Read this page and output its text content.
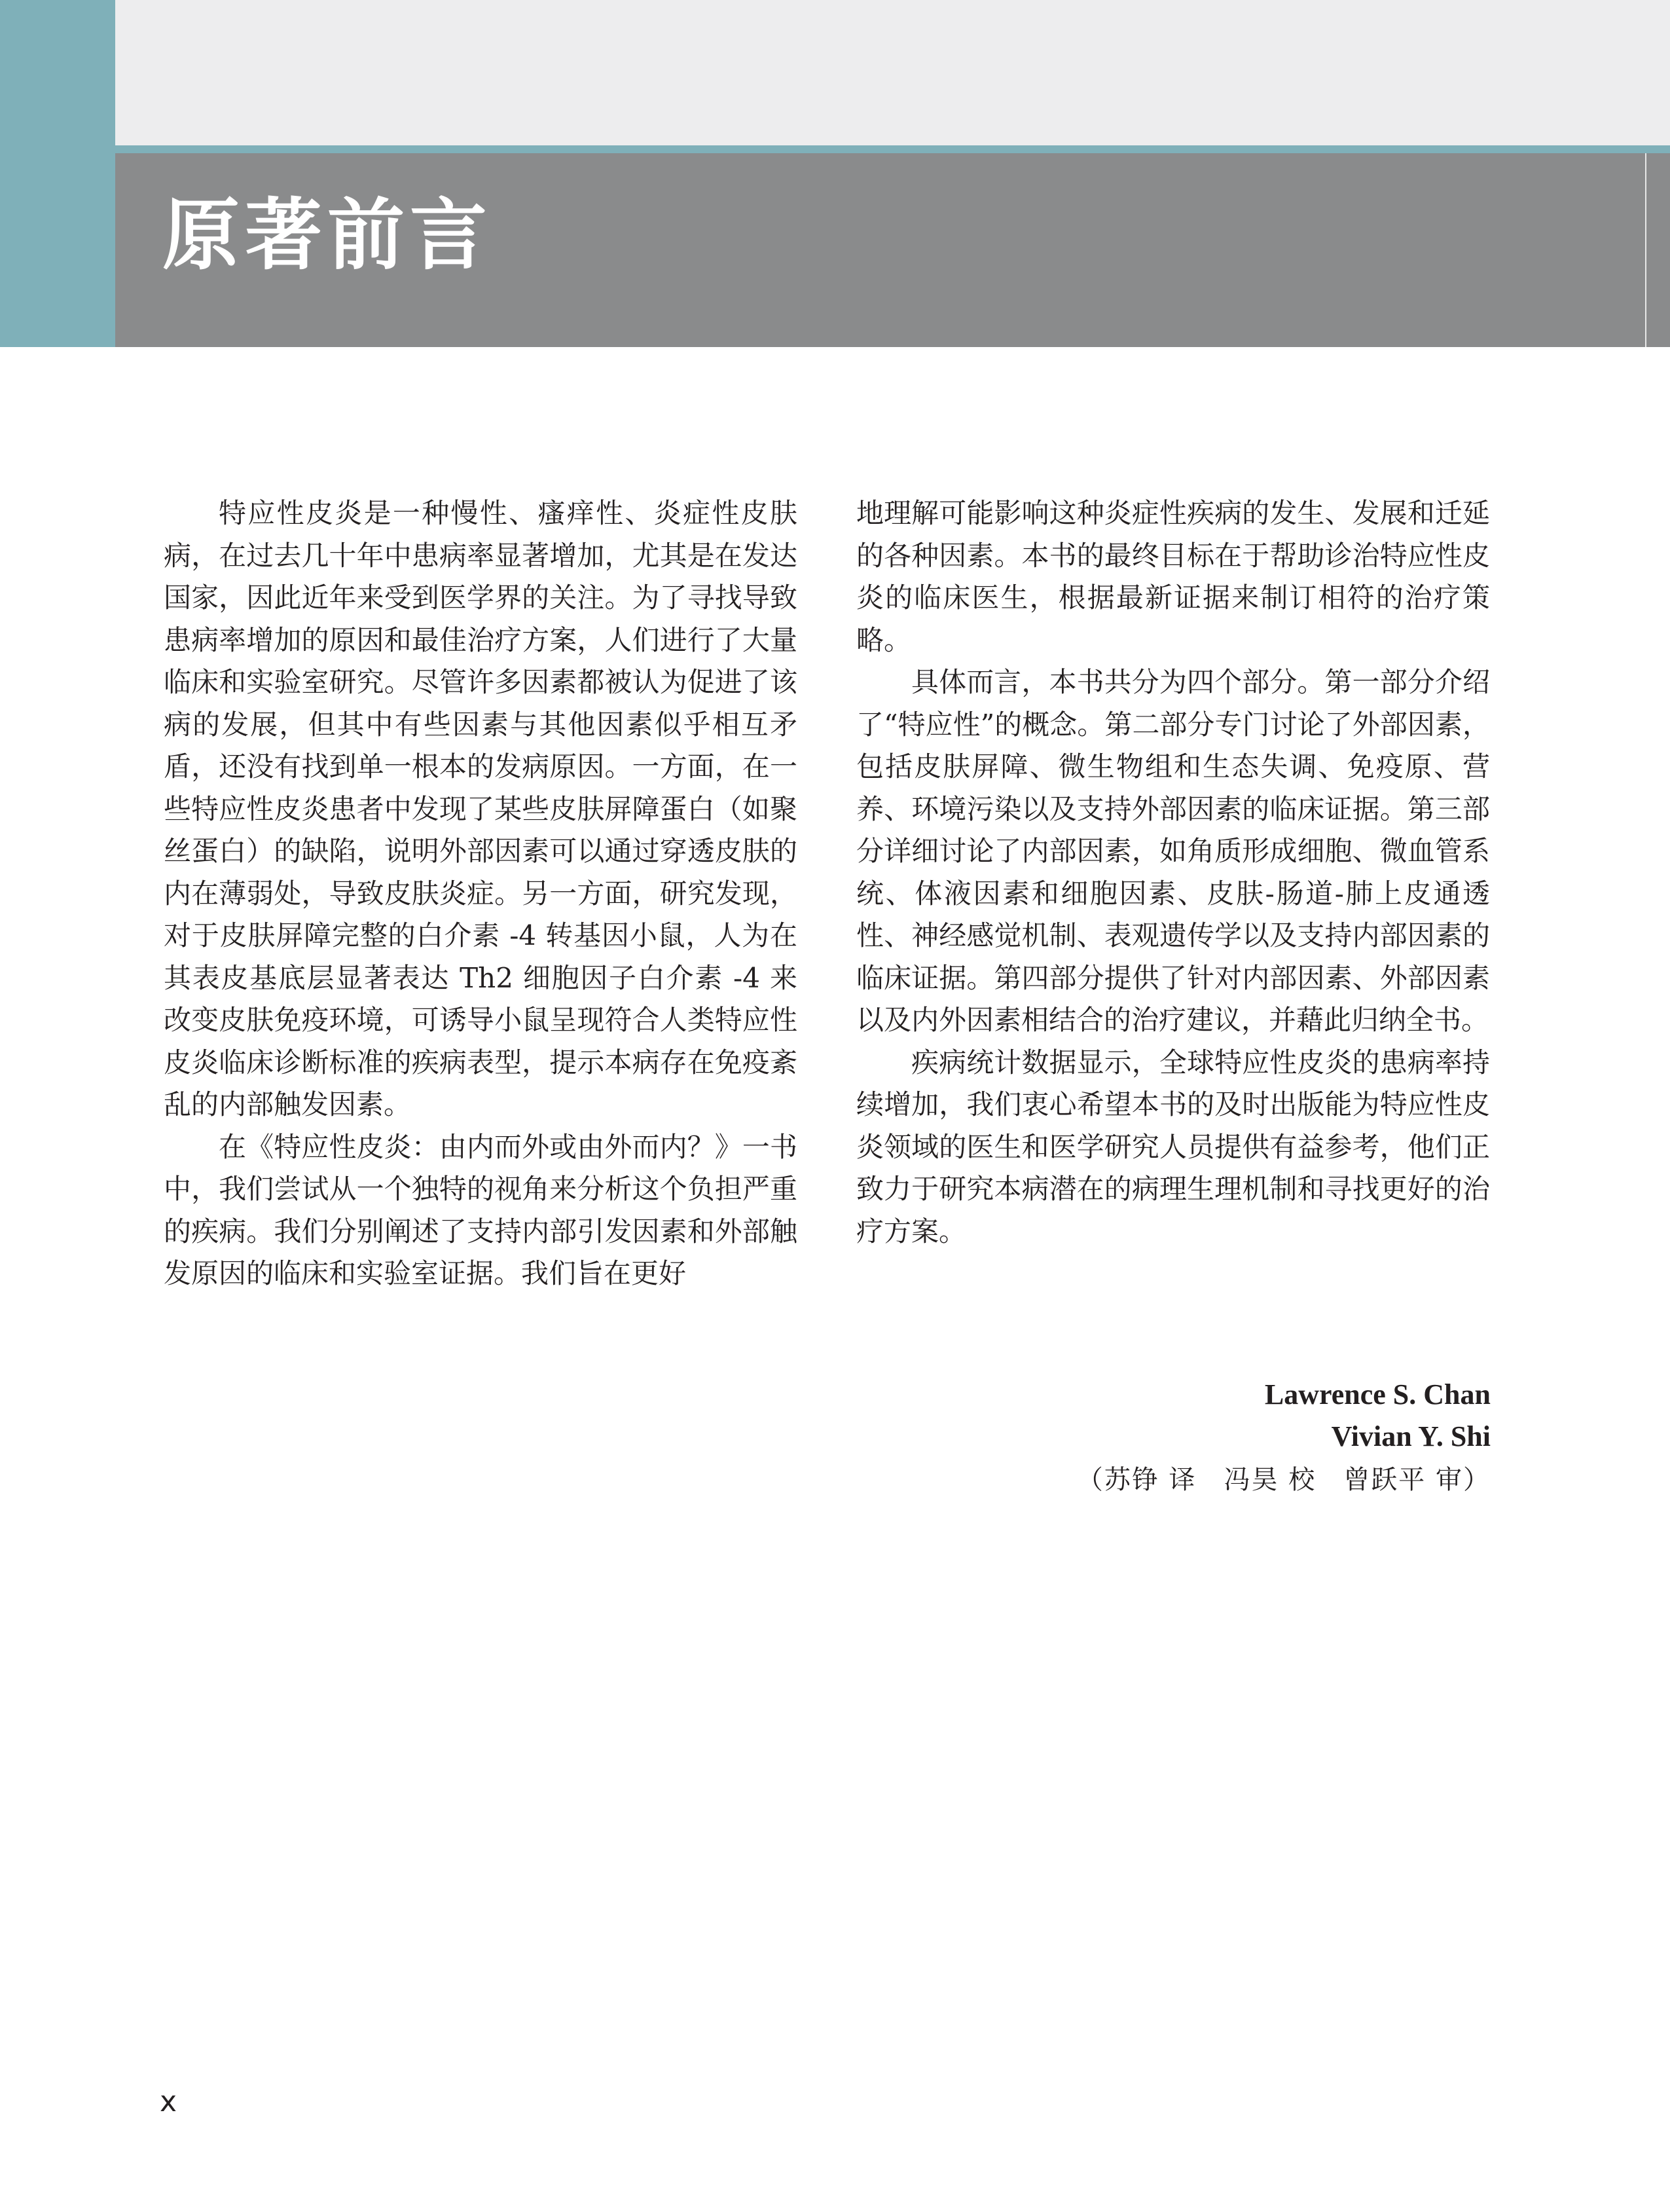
原著前言

特应性皮炎是一种慢性、瘙痒性、炎症性皮肤病，在过去几十年中患病率显著增加，尤其是在发达国家，因此近年来受到医学界的关注。为了寻找导致患病率增加的原因和最佳治疗方案，人们进行了大量临床和实验室研究。尽管许多因素都被认为促进了该病的发展，但其中有些因素与其他因素似乎相互矛盾，还没有找到单一根本的发病原因。一方面，在一些特应性皮炎患者中发现了某些皮肤屏障蛋白（如聚丝蛋白）的缺陷，说明外部因素可以通过穿透皮肤的内在薄弱处，导致皮肤炎症。另一方面，研究发现，对于皮肤屏障完整的白介素 -4 转基因小鼠，人为在其表皮基底层显著表达 Th2 细胞因子白介素 -4 来改变皮肤免疫环境，可诱导小鼠呈现符合人类特应性皮炎临床诊断标准的疾病表型，提示本病存在免疫紊乱的内部触发因素。

在《特应性皮炎：由内而外或由外而内？》一书中，我们尝试从一个独特的视角来分析这个负担严重的疾病。我们分别阐述了支持内部引发因素和外部触发原因的临床和实验室证据。我们旨在更好

地理解可能影响这种炎症性疾病的发生、发展和迁延的各种因素。本书的最终目标在于帮助诊治特应性皮炎的临床医生，根据最新证据来制订相符的治疗策略。

具体而言，本书共分为四个部分。第一部分介绍了“特应性”的概念。第二部分专门讨论了外部因素，包括皮肤屏障、微生物组和生态失调、免疫原、营养、环境污染以及支持外部因素的临床证据。第三部分详细讨论了内部因素，如角质形成细胞、微血管系统、体液因素和细胞因素、皮肤-肠道-肺上皮通透性、神经感觉机制、表观遗传学以及支持内部因素的临床证据。第四部分提供了针对内部因素、外部因素以及内外因素相结合的治疗建议，并藉此归纳全书。

疾病统计数据显示，全球特应性皮炎的患病率持续增加，我们衷心希望本书的及时出版能为特应性皮炎领域的医生和医学研究人员提供有益参考，他们正致力于研究本病潜在的病理生理机制和寻找更好的治疗方案。

Lawrence S. Chan
Vivian Y. Shi
（苏铮 译　冯昊 校　曾跃平 审）
x
